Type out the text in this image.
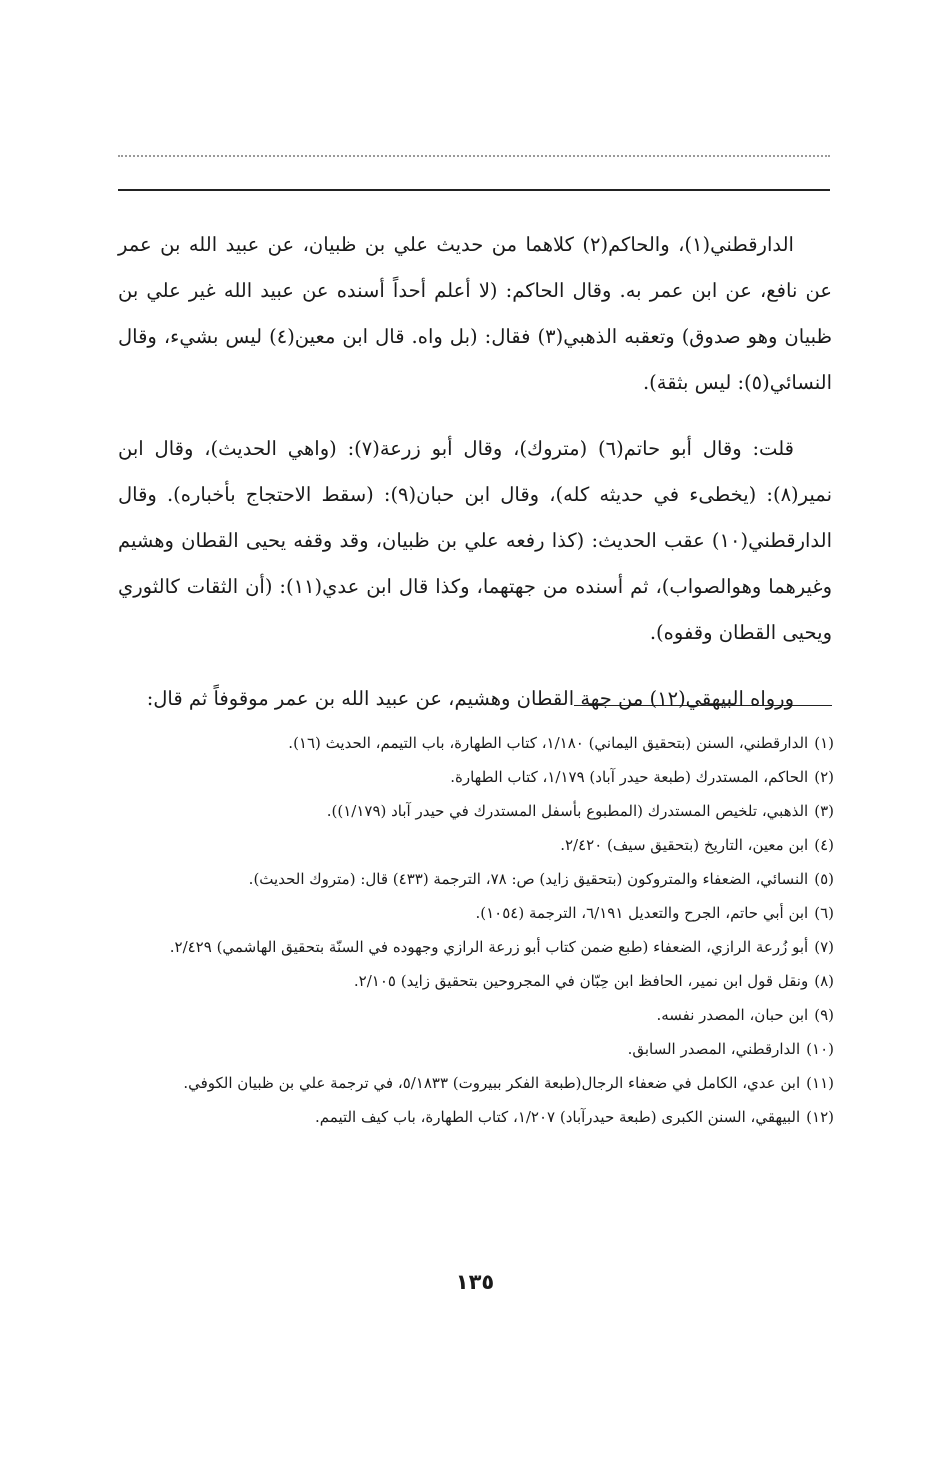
الدارقطني(١)، والحاكم(٢) كلاهما من حديث علي بن ظبيان، عن عبيد الله بن عمر عن نافع، عن ابن عمر به. وقال الحاكم: (لا أعلم أحداً أسنده عن عبيد الله غير علي بن ظبيان وهو صدوق) وتعقبه الذهبي(٣) فقال: (بل واه. قال ابن معين(٤) ليس بشيء، وقال النسائي(٥): ليس بثقة).

قلت: وقال أبو حاتم(٦) (متروك)، وقال أبو زرعة(٧): (واهي الحديث)، وقال ابن نمير(٨): (يخطىء في حديثه كله)، وقال ابن حبان(٩): (سقط الاحتجاج بأخباره). وقال الدارقطني(١٠) عقب الحديث: (كذا رفعه علي بن ظبيان، وقد وقفه يحيى القطان وهشيم وغيرهما وهوالصواب)، ثم أسنده من جهتهما، وكذا قال ابن عدي(١١): (أن الثقات كالثوري ويحيى القطان وقفوه).

ورواه البيهقي(١٢) من جهة القطان وهشيم، عن عبيد الله بن عمر موقوفاً ثم قال:

(١)
الدارقطني، السنن (بتحقيق اليماني) ١/١٨٠، كتاب الطهارة، باب التيمم، الحديث (١٦).
(٢)
الحاكم، المستدرك (طبعة حيدر آباد) ١/١٧٩، كتاب الطهارة.
(٣)
الذهبي، تلخيص المستدرك (المطبوع بأسفل المستدرك في حيدر آباد (١/١٧٩)).
(٤)
ابن معين، التاريخ (بتحقيق سيف) ٢/٤٢٠.
(٥)
النسائي، الضعفاء والمتروكون (بتحقيق زايد) ص: ٧٨، الترجمة (٤٣٣) قال: (متروك الحديث).
(٦)
ابن أبي حاتم، الجرح والتعديل ٦/١٩١، الترجمة (١٠٥٤).
(٧)
أبو زُرعة الرازي، الضعفاء (طبع ضمن كتاب أبو زرعة الرازي وجهوده في السنّة بتحقيق الهاشمي) ٢/٤٢٩.
(٨)
ونقل قول ابن نمير، الحافظ ابن حِبّان في المجروحين بتحقيق زايد) ٢/١٠٥.
(٩)
ابن حبان، المصدر نفسه.
(١٠)
الدارقطني، المصدر السابق.
(١١)
ابن عدي، الكامل في ضعفاء الرجال(طبعة الفكر ببيروت) ٥/١٨٣٣، في ترجمة علي بن ظبيان الكوفي.
(١٢)
البيهقي، السنن الكبرى (طبعة حيدرآباد) ١/٢٠٧، كتاب الطهارة، باب كيف التيمم.
١٣٥
